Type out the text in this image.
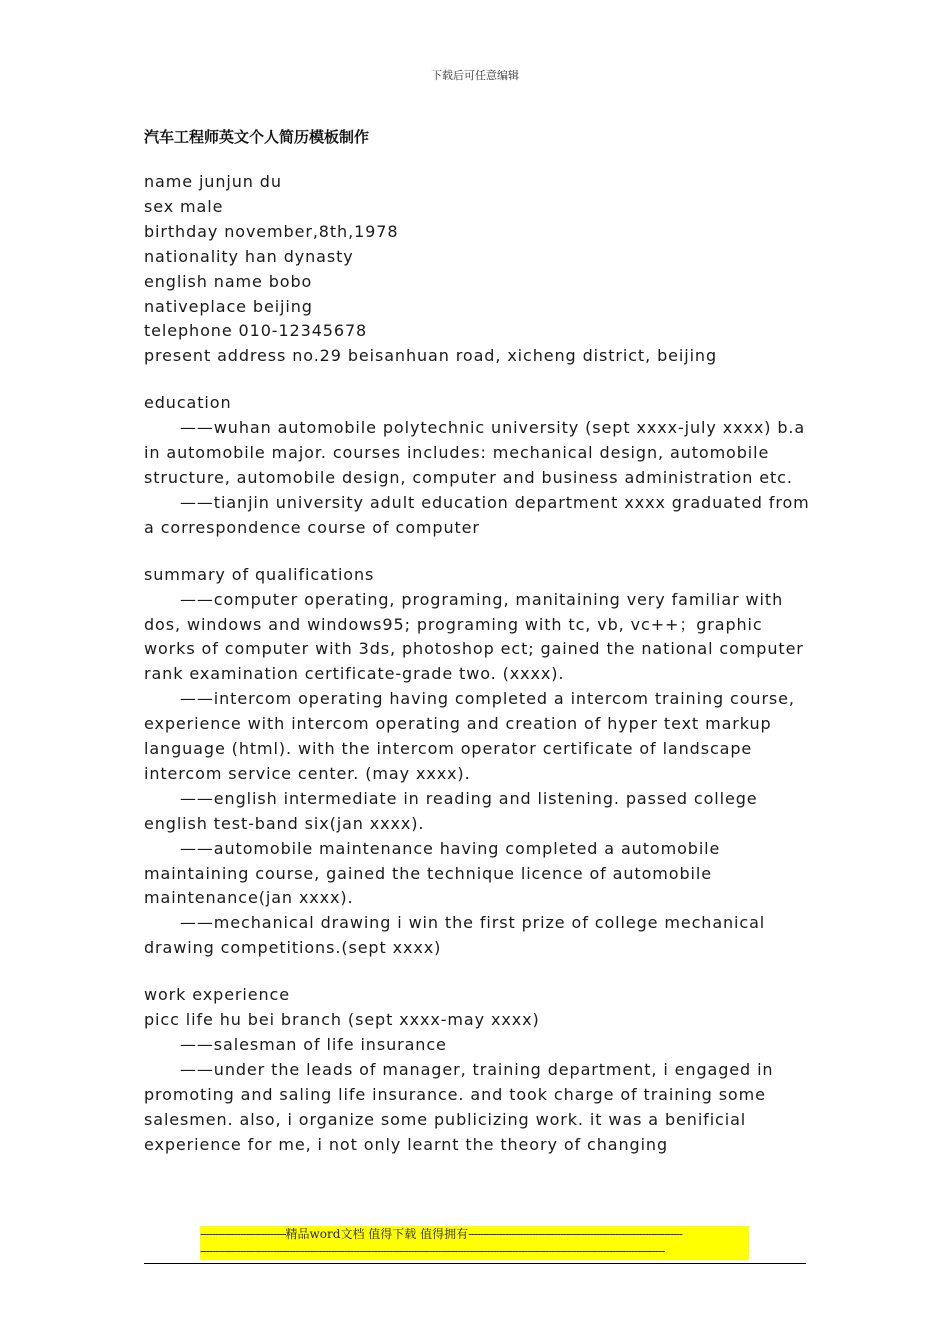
下载后可任意编辑
汽车工程师英文个人简历模板制作

name junjun du

sex male

birthday november,8th,1978

nationality han dynasty

english name bobo

nativeplace beijing

telephone 010-12345678

present address no.29 beisanhuan road, xicheng district, beijing

education

——wuhan automobile polytechnic university (sept xxxx-july xxxx) b.a in automobile major. courses includes: mechanical design, automobile structure, automobile design, computer and business administration etc.

——tianjin university adult education department xxxx graduated from a correspondence course of computer

summary of qualifications

——computer operating, programing, manitaining very familiar with dos, windows and windows95; programing with tc, vb, vc++；graphic works of computer with 3ds, photoshop ect; gained the national computer rank examination certificate-grade two. (xxxx).

——intercom operating having completed a intercom training course, experience with intercom operating and creation of hyper text markup language (html). with the intercom operator certificate of landscape intercom service center. (may xxxx).

——english intermediate in reading and listening. passed college english test-band six(jan xxxx).

——automobile maintenance having completed a automobile maintaining course, gained the technique licence of automobile maintenance(jan xxxx).

——mechanical drawing i win the first prize of college mechanical drawing competitions.(sept xxxx)

work experience

picc life hu bei branch (sept xxxx-may xxxx)

——salesman of life insurance

——under the leads of manager, training department, i engaged in promoting and saling life insurance. and took charge of training some salesmen. also, i organize some publicizing work. it was a benificial experience for me, i not only learnt the theory of changing

----------------------------精品word文档 值得下载 值得拥有----------------------------------------------------------------------
--------------------------------------------------------------------------------------------------------------------------------------------------------
